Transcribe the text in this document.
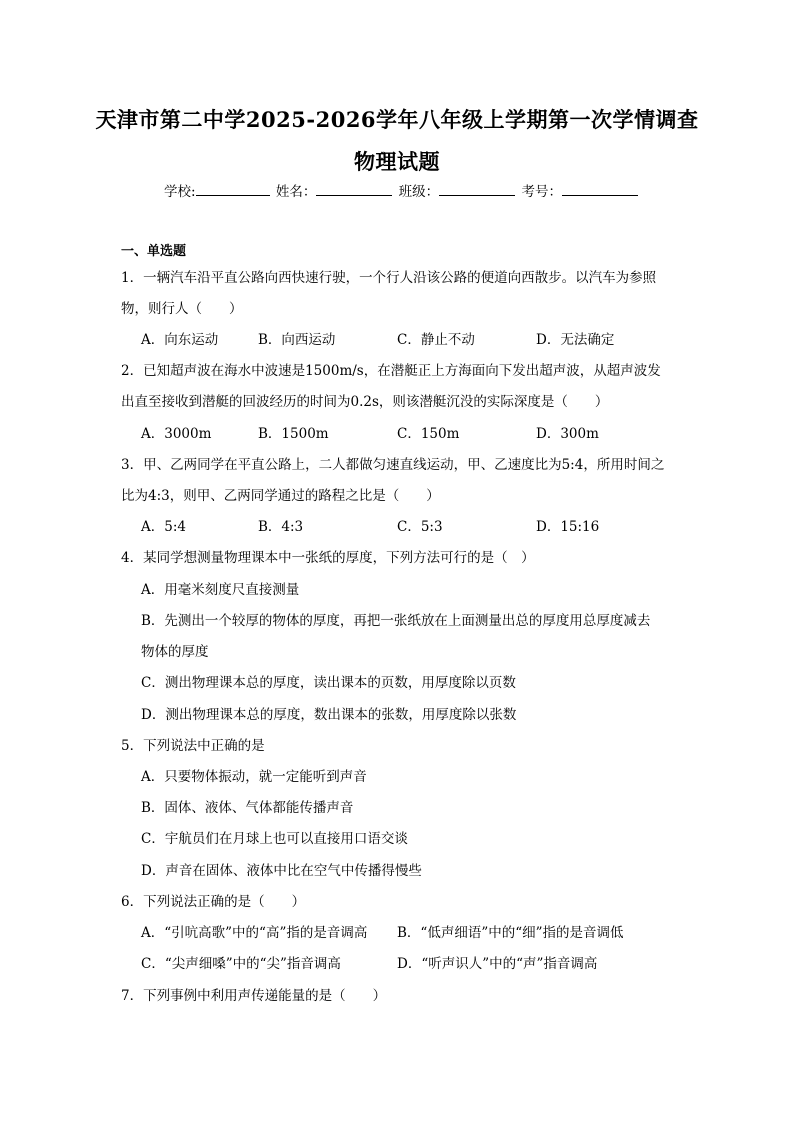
天津市第二中学2025-2026学年八年级上学期第一次学情调查
物理试题
学校:	姓名：	班级：	考号：
一、单选题
1．一辆汽车沿平直公路向西快速行驶，一个行人沿该公路的便道向西散步。以汽车为参照
物，则行人（　　）
A．向东运动	B．向西运动	C．静止不动	D．无法确定
2．已知超声波在海水中波速是1500m/s，在潜艇正上方海面向下发出超声波，从超声波发
出直至接收到潜艇的回波经历的时间为0.2s，则该潜艇沉没的实际深度是（　　）
A．3000m	B．1500m	C．150m	D．300m
3．甲、乙两同学在平直公路上，二人都做匀速直线运动，甲、乙速度比为5:4，所用时间之
比为4:3，则甲、乙两同学通过的路程之比是（　　）
A．5:4	B．4:3	C．5:3	D．15:16
4．某同学想测量物理课本中一张纸的厚度，下列方法可行的是（　）
A．用毫米刻度尺直接测量
B．先测出一个较厚的物体的厚度，再把一张纸放在上面测量出总的厚度用总厚度减去
物体的厚度
C．测出物理课本总的厚度，读出课本的页数，用厚度除以页数
D．测出物理课本总的厚度，数出课本的张数，用厚度除以张数
5．下列说法中正确的是
A．只要物体振动，就一定能听到声音
B．固体、液体、气体都能传播声音
C．宇航员们在月球上也可以直接用口语交谈
D．声音在固体、液体中比在空气中传播得慢些
6．下列说法正确的是（　　）
A．“引吭高歌”中的“高”指的是音调高 B．“低声细语”中的“细”指的是音调低
C．“尖声细嗓”中的“尖”指音调高	D．“听声识人”中的“声”指音调高
7．下列事例中利用声传递能量的是（　　）
